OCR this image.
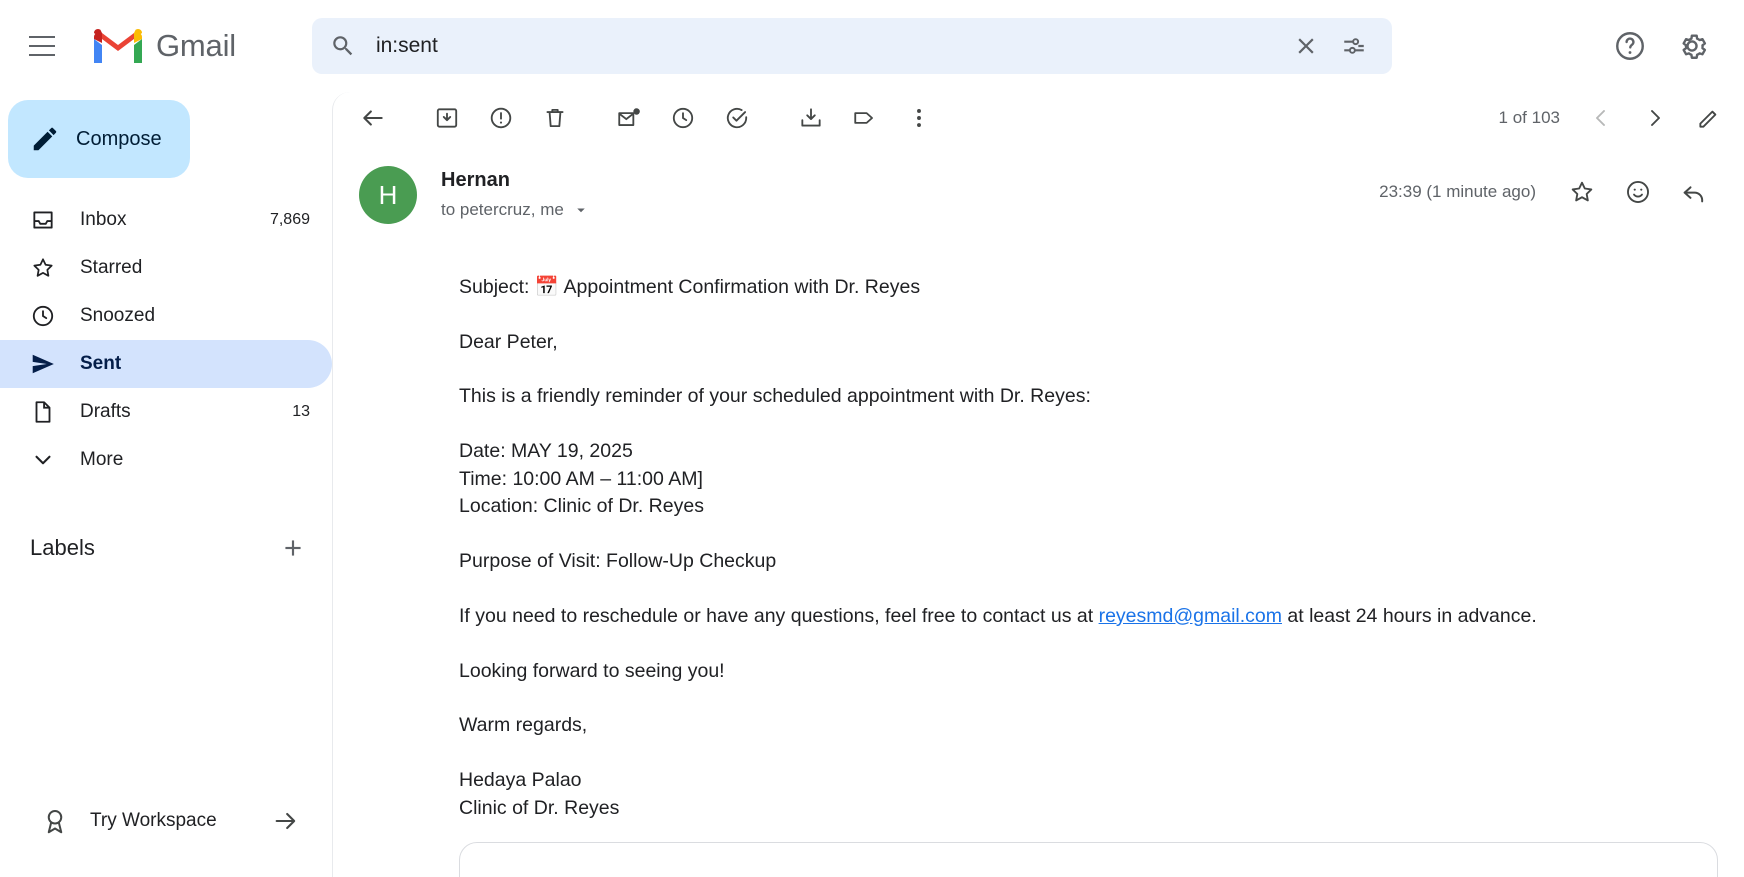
Gmail
in:sent
Compose
Inbox	7,869
Starred
Snoozed
Sent
Drafts	13
More
Labels
Try Workspace
1 of 103
H	Hernan
to petercruz, me
23:39 (1 minute ago)

Subject: 📅 Appointment Confirmation with Dr. Reyes

Dear Peter,

This is a friendly reminder of your scheduled appointment with Dr. Reyes:

Date: MAY 19, 2025

Time: 10:00 AM – 11:00 AM]

Location: Clinic of Dr. Reyes

Purpose of Visit: Follow-Up Checkup

If you need to reschedule or have any questions, feel free to contact us at reyesmd@gmail.com at least 24 hours in advance.

Looking forward to seeing you!

Warm regards,

Hedaya Palao

Clinic of Dr. Reyes
